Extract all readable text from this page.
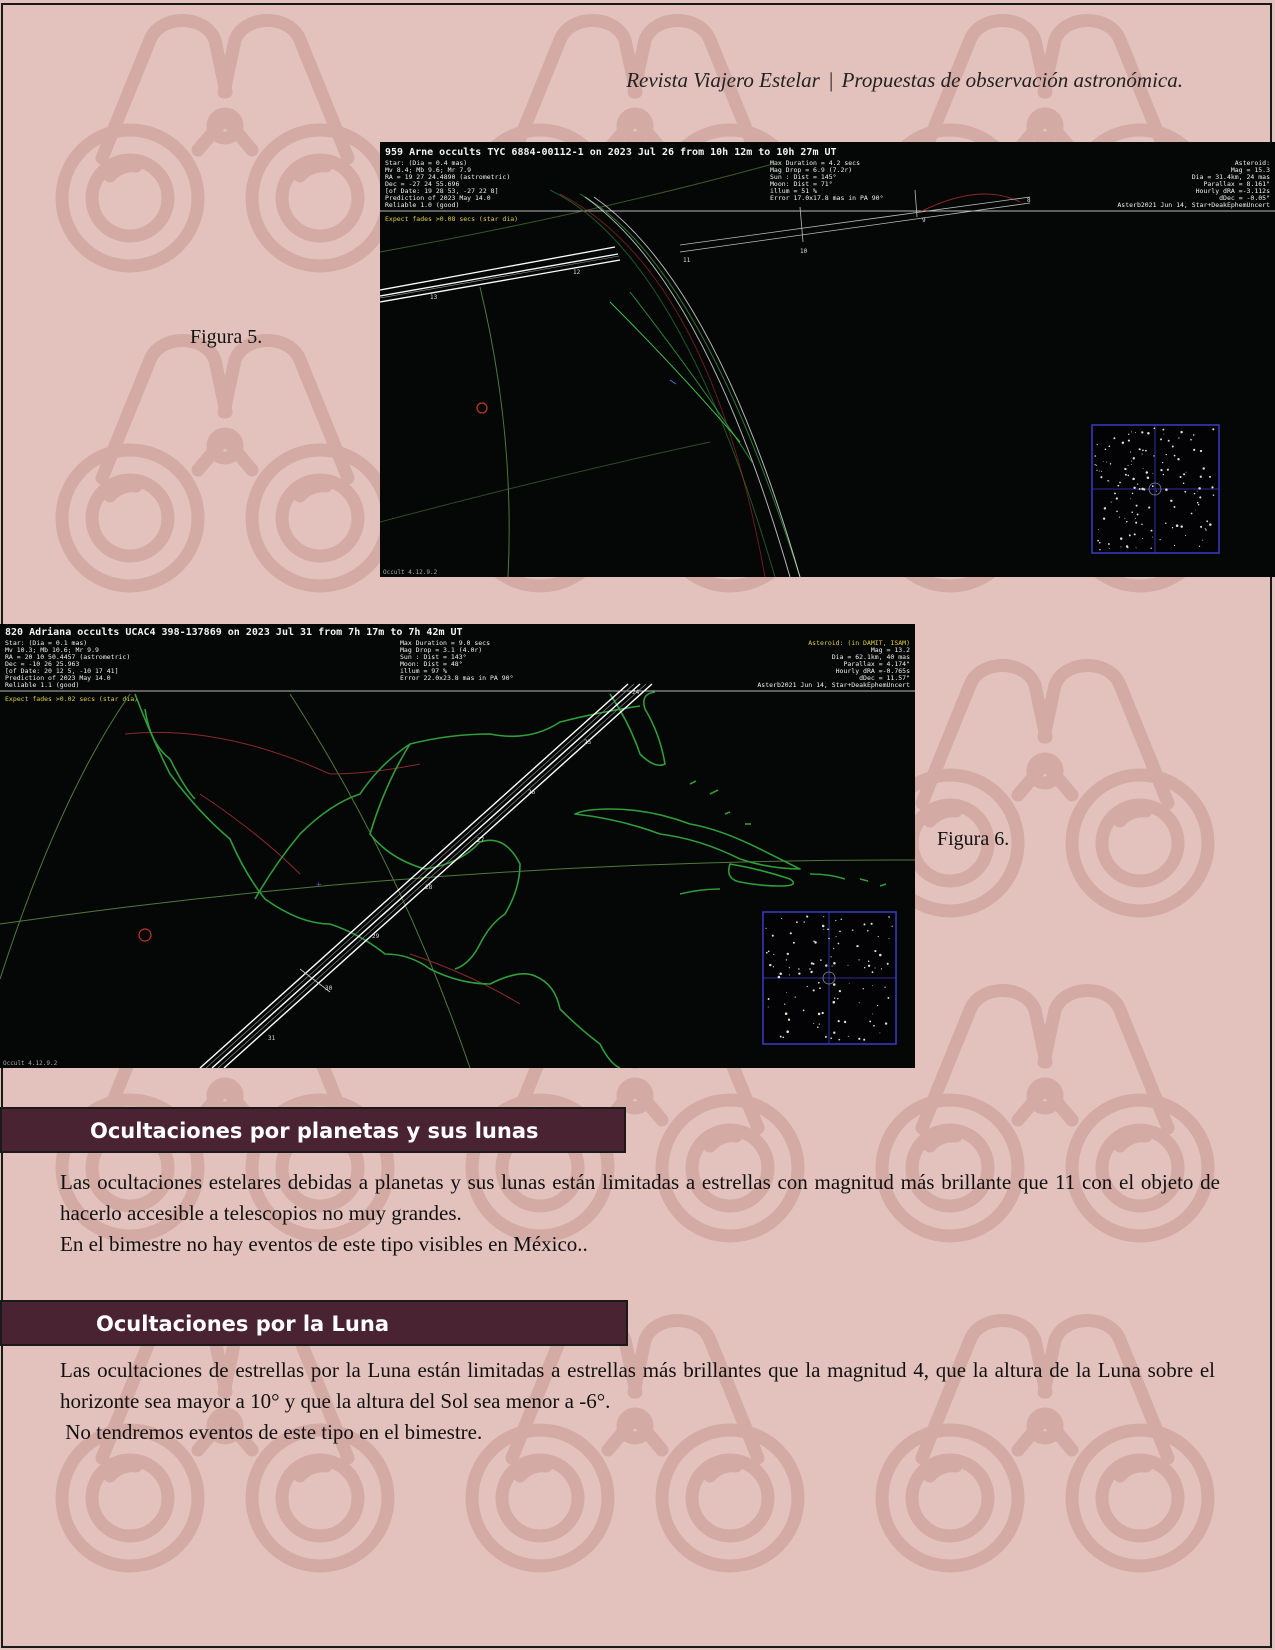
Revista Viajero Estelar | Propuestas de observación astronómica.
Figura 5.
959 Arne occults TYC 6884-00112-1 on 2023 Jul 26 from 10h 12m to 10h 27m UT
Star: (Dia = 0.4 mas)
Mv 8.4; Mb 9.6; Mr 7.9
RA = 19 27 24.4890 (astrometric)
Dec = -27 24 55.696
[of Date: 19 28 53, -27 22 8]
Prediction of 2023 May 14.0
Reliable 1.0 (good)
Max Duration = 4.2 secs
Mag Drop = 6.9 (7.2r)
Sun : Dist = 145°
Moon: Dist = 71°
illum = 51 %
Error 17.0x17.8 mas in PA 90°
Asteroid:
Mag = 15.3
Dia = 31.4km, 24 mas
Parallax = 8.161"
Hourly dRA =-3.112s
dDec = -0.05"
Asterb2021 Jun 14, Star+DeakEphemUncert
Expect fades >0.08 secs (star dia)
8
9
10
11
12
13
Occult 4.12.9.2
820 Adriana occults UCAC4 398-137869 on 2023 Jul 31 from 7h 17m to 7h 42m UT
Star: (Dia = 0.1 mas)
Mv 10.3; Mb 10.6; Mr 9.9
RA = 20 10 50.4457 (astrometric)
Dec = -10 26 25.963
[of Date: 20 12 5, -10 17 41]
Prediction of 2023 May 14.0
Reliable 1.1 (good)
Max Duration = 9.0 secs
Mag Drop = 3.1 (4.0r)
Sun : Dist = 143°
Moon: Dist = 48°
illum = 97 %
Error 22.0x23.8 mas in PA 90°
Asteroid: (in DAMIT, ISAM)
Mag = 13.2
Dia = 62.1km, 40 mas
Parallax = 4.174"
Hourly dRA =-0.765s
dDec = 11.57"
Asterb2021 Jun 14, Star+DeakEphemUncert
Expect fades >0.02 secs (star dia)
+
24
25
26
27
28
29
30
31
Occult 4.12.9.2
Figura 6.
Ocultaciones por planetas y sus lunas

Las ocultaciones estelares debidas a planetas y sus lunas están limitadas a estrellas con magnitud más brillante que 11 con el objeto de hacerlo accesible a telescopios no muy grandes.

En el bimestre no hay eventos de este tipo visibles en México..

Ocultaciones por la Luna

Las ocultaciones de estrellas por la Luna están limitadas a estrellas más brillantes que la magnitud 4, que la altura de la Luna sobre el horizonte sea mayor a 10° y que la altura del Sol sea menor a -6°.

No tendremos eventos de este tipo en el bimestre.
